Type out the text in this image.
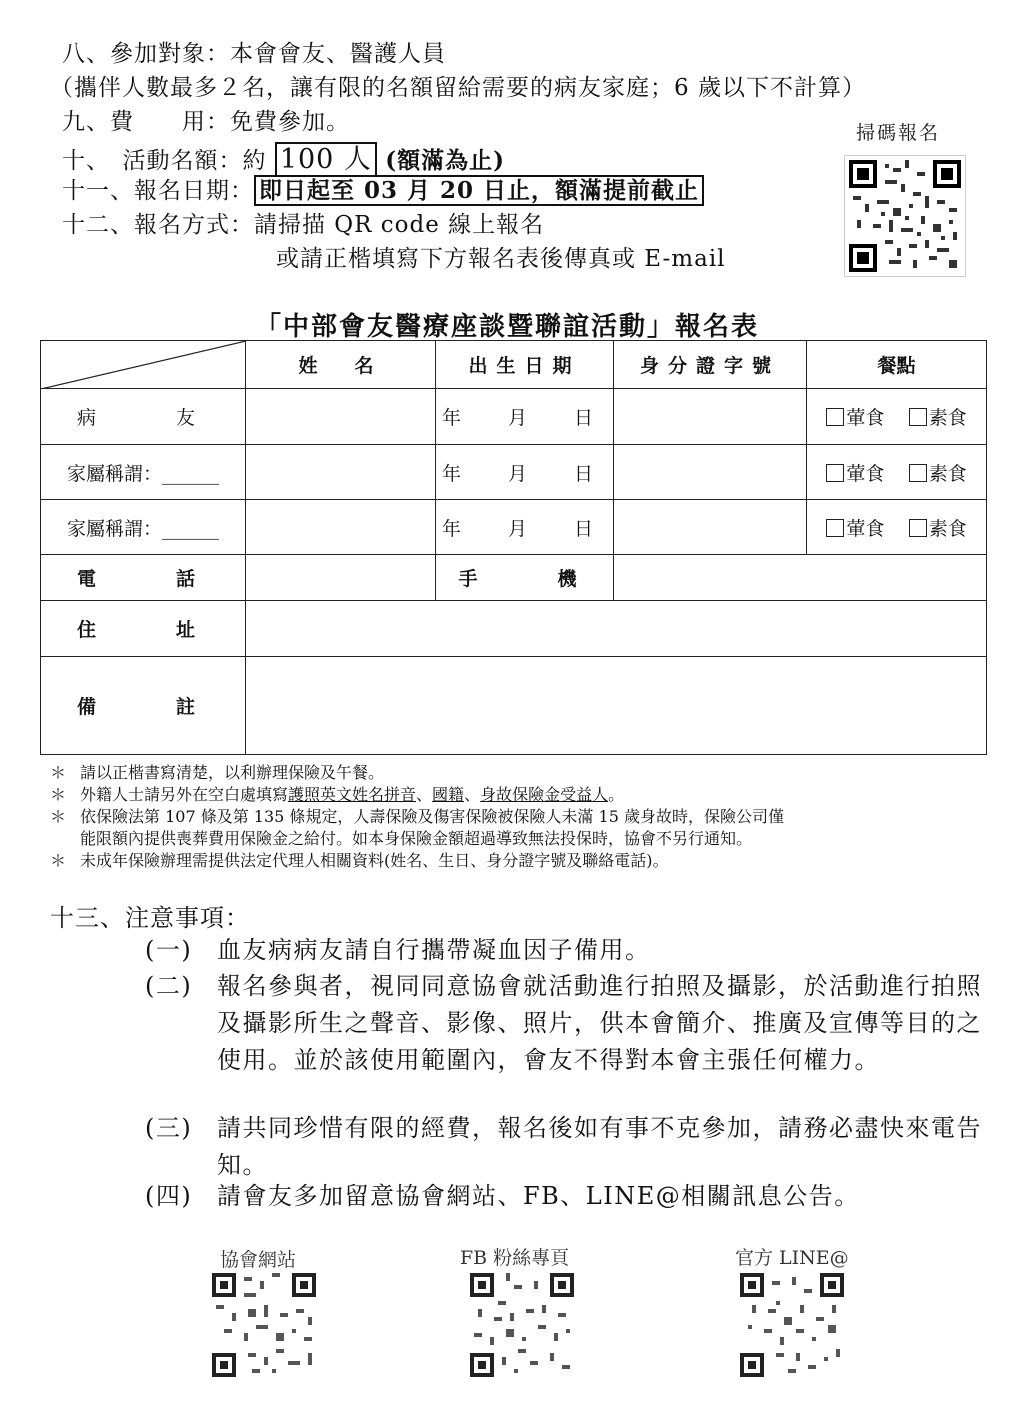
八、參加對象：本會會友、醫護人員
（攜伴人數最多２名，讓有限的名額留給需要的病友家庭；6 歲以下不計算）
九、費　　用：免費參加。
十、　活動名額：約 100 人 (額滿為止)
十一、報名日期： 即日起至 03 月 20 日止，額滿提前截止
十二、報名方式：請掃描 QR code 線上報名
或請正楷填寫下方報名表後傳真或 E-mail
掃碼報名
「中部會友醫療座談暨聯誼活動」報名表
	姓　名	出生日期	身分證字號	餐點
病　　友		年　月　日		葷食 素食
家屬稱謂：______		年　月　日		葷食 素食
家屬稱謂：______		年　月　日		葷食 素食
電　　話		手　　機		
住　　址				
備　　註				
＊ 請以正楷書寫清楚，以利辦理保險及午餐。
＊ 外籍人士請另外在空白處填寫護照英文姓名拼音、國籍、身故保險金受益人。
＊ 依保險法第 107 條及第 135 條規定，人壽保險及傷害保險被保險人未滿 15 歲身故時，保險公司僅
能限額內提供喪葬費用保險金之給付。如本身保險金額超過導致無法投保時，協會不另行通知。
＊ 未成年保險辦理需提供法定代理人相關資料(姓名、生日、身分證字號及聯絡電話)。
十三、注意事項：
(一) 血友病病友請自行攜帶凝血因子備用。
(二) 報名參與者，視同同意協會就活動進行拍照及攝影，於活動進行拍照及攝影所生之聲音、影像、照片，供本會簡介、推廣及宣傳等目的之使用。並於該使用範圍內，會友不得對本會主張任何權力。
(三) 請共同珍惜有限的經費，報名後如有事不克參加，請務必盡快來電告知。
(四) 請會友多加留意協會網站、FB、LINE@相關訊息公告。
協會網站	FB 粉絲專頁	官方 LINE@
